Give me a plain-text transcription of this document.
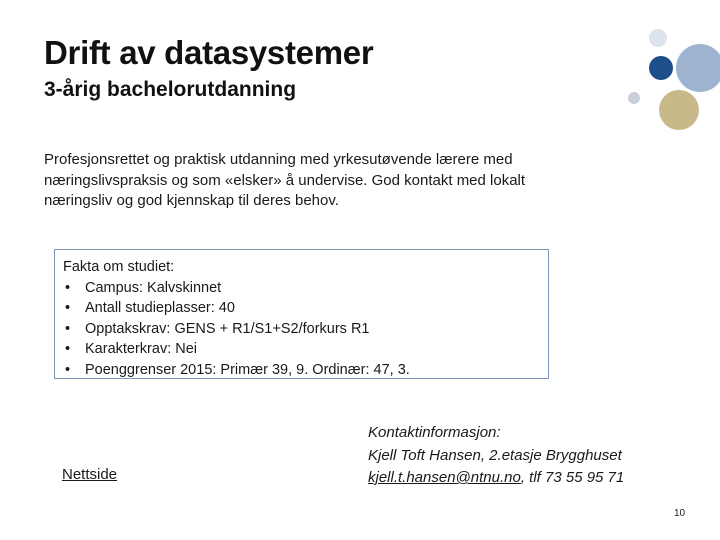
Drift av datasystemer
3-årig bachelorutdanning
Profesjonsrettet og praktisk utdanning med yrkesutøvende lærere med næringslivspraksis og som «elsker» å undervise. God kontakt med lokalt næringsliv og god kjennskap til deres behov.
Fakta om studiet:
• Campus: Kalvskinnet
• Antall studieplasser: 40
• Opptakskrav: GENS + R1/S1+S2/forkurs R1
• Karakterkrav: Nei
• Poenggrenser 2015: Primær 39, 9. Ordinær: 47, 3.
Nettside
Kontaktinformasjon:
Kjell Toft Hansen, 2.etasje Brygghuset
kjell.t.hansen@ntnu.no, tlf 73 55 95 71
10
